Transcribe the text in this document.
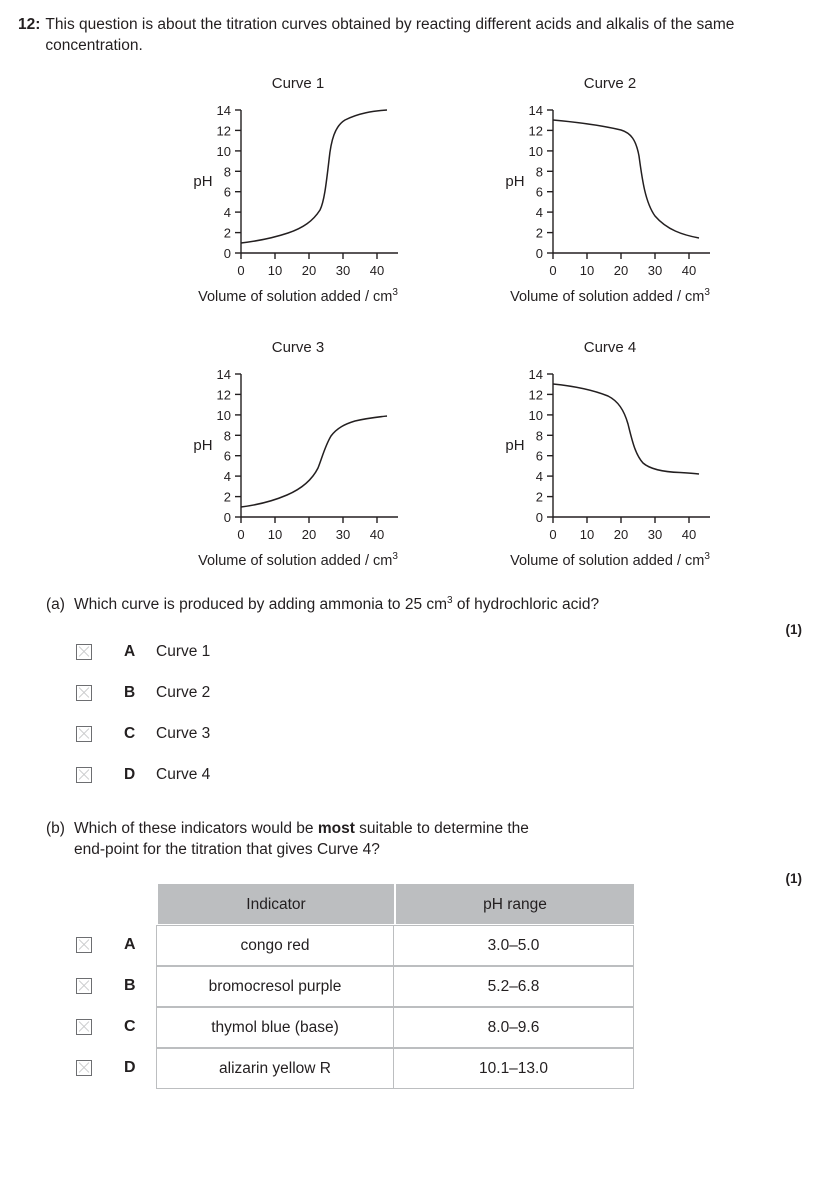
12: This question is about the titration curves obtained by reacting different acids and alkalis of the same concentration.
Curve 1
0
2
4
6
8
10
12
14
0 10 20 30 40
pH
Volume of solution added / $cm^3$
Curve 2
0
2
4
6
8
10
12
14
0 10 20 30 40
pH
Volume of solution added / $cm^3$
Curve 3
0
2
4
6
8
10
12
14
0 10 20 30 40
pH
Volume of solution added / $cm^3$
Curve 4
0
2
4
6
8
10
12
14
0 10 20 30 40
pH
Volume of solution added / $cm^3$
(a) Which curve is produced by adding ammonia to 25 $cm^3$ of hydrochloric acid?
(1)
A	Curve 1
B	Curve 2
C	Curve 3
D	Curve 4
(b) Which of these indicators would be most suitable to determine the
end-point for the titration that gives Curve 4?
(1)
Indicator	pH range
A	congo red	3.0–5.0
B	bromocresol purple	5.2–6.8
C	thymol blue (base)	8.0–9.6
D	alizarin yellow R	10.1–13.0
